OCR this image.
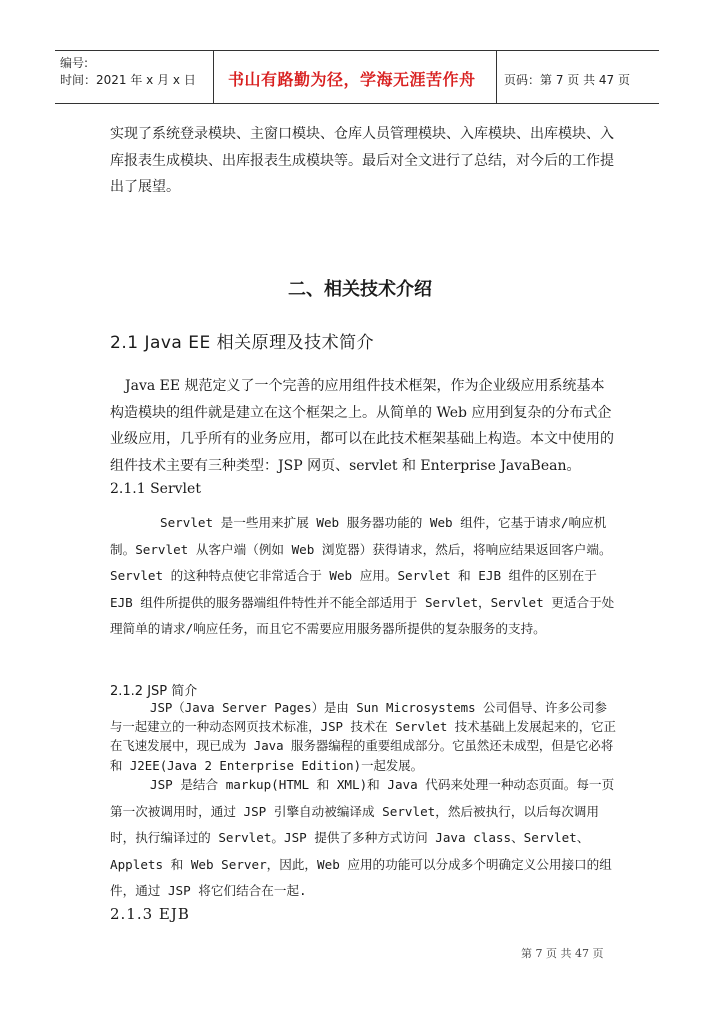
编号:
时间：2021 年 x 月 x 日 书山有路勤为径，学海无涯苦作舟 页码：第 7 页 共 47 页

实现了系统登录模块、主窗口模块、仓库人员管理模块、入库模块、出库模块、入库报表生成模块、出库报表生成模块等。最后对全文进行了总结，对今后的工作提出了展望。

二、相关技术介绍
2.1 Java EE 相关原理及技术简介

Java EE 规范定义了一个完善的应用组件技术框架，作为企业级应用系统基本构造模块的组件就是建立在这个框架之上。从简单的 Web 应用到复杂的分布式企业级应用，几乎所有的业务应用，都可以在此技术框架基础上构造。本文中使用的组件技术主要有三种类型：JSP 网页、servlet 和 Enterprise JavaBean。

2.1.1 Servlet

Servlet 是一些用来扩展 Web 服务器功能的 Web 组件，它基于请求/响应机制。Servlet 从客户端（例如 Web 浏览器）获得请求，然后，将响应结果返回客户端。Servlet 的这种特点使它非常适合于 Web 应用。Servlet 和 EJB 组件的区别在于 EJB 组件所提供的服务器端组件特性并不能全部适用于 Servlet，Servlet 更适合于处理简单的请求/响应任务，而且它不需要应用服务器所提供的复杂服务的支持。

2.1.2 JSP 简介

JSP（Java Server Pages）是由 Sun Microsystems 公司倡导、许多公司参与一起建立的一种动态网页技术标准，JSP 技术在 Servlet 技术基础上发展起来的，它正在飞速发展中，现已成为 Java 服务器编程的重要组成部分。它虽然还未成型，但是它必将和 J2EE(Java 2 Enterprise Edition)一起发展。

JSP 是结合 markup(HTML 和 XML)和 Java 代码来处理一种动态页面。每一页第一次被调用时，通过 JSP 引擎自动被编译成 Servlet，然后被执行，以后每次调用时，执行编译过的 Servlet。JSP 提供了多种方式访问 Java class、Servlet、Applets 和 Web Server，因此，Web 应用的功能可以分成多个明确定义公用接口的组件，通过 JSP 将它们结合在一起.

2.1.3 EJB
第 7 页 共 47 页
